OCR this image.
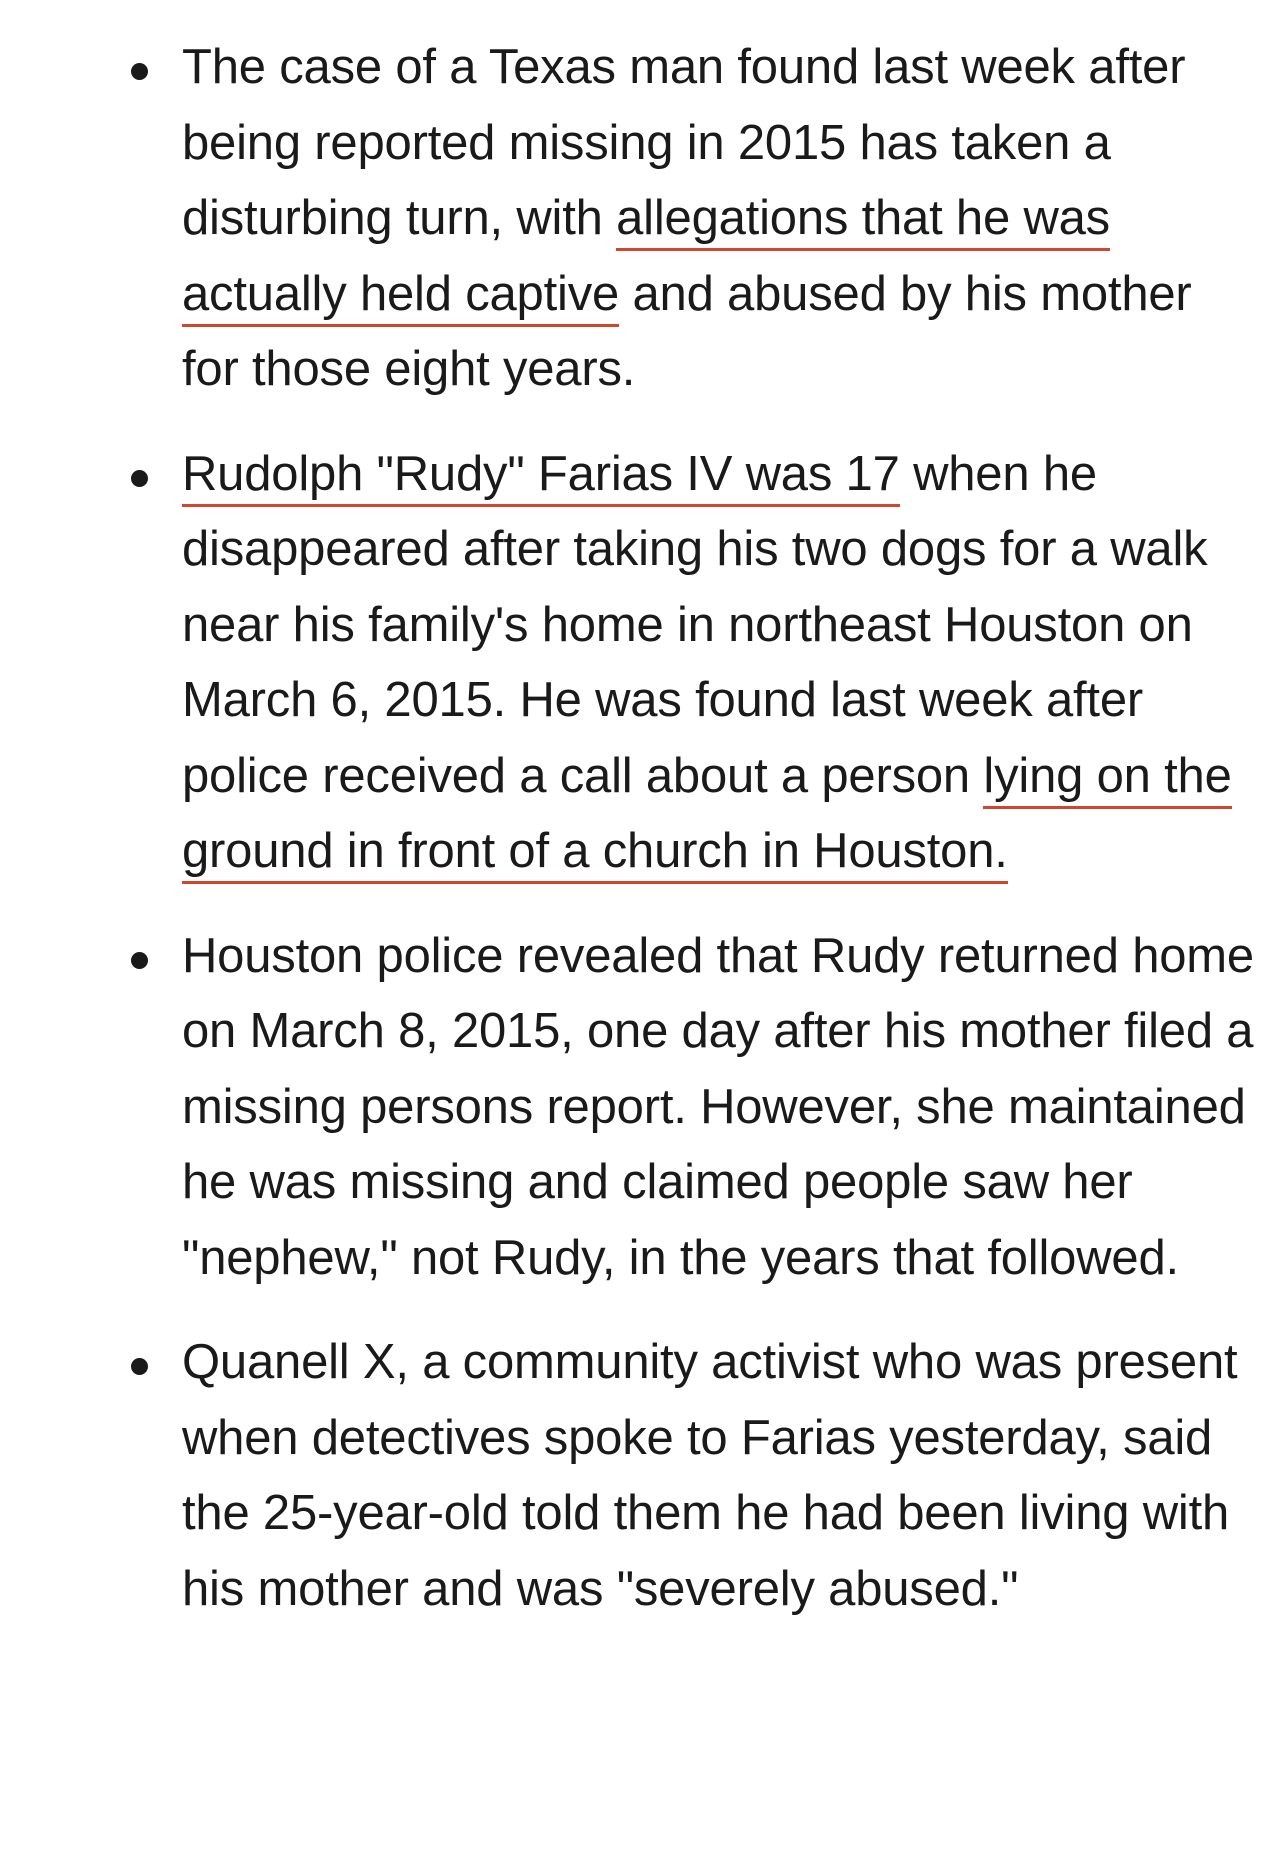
The case of a Texas man found last week after being reported missing in 2015 has taken a disturbing turn, with allegations that he was actually held captive and abused by his mother for those eight years.
Rudolph "Rudy" Farias IV was 17 when he disappeared after taking his two dogs for a walk near his family's home in northeast Houston on March 6, 2015. He was found last week after police received a call about a person lying on the ground in front of a church in Houston.
Houston police revealed that Rudy returned home on March 8, 2015, one day after his mother filed a missing persons report. However, she maintained he was missing and claimed people saw her "nephew," not Rudy, in the years that followed.
Quanell X, a community activist who was present when detectives spoke to Farias yesterday, said the 25-year-old told them he had been living with his mother and was "severely abused."
